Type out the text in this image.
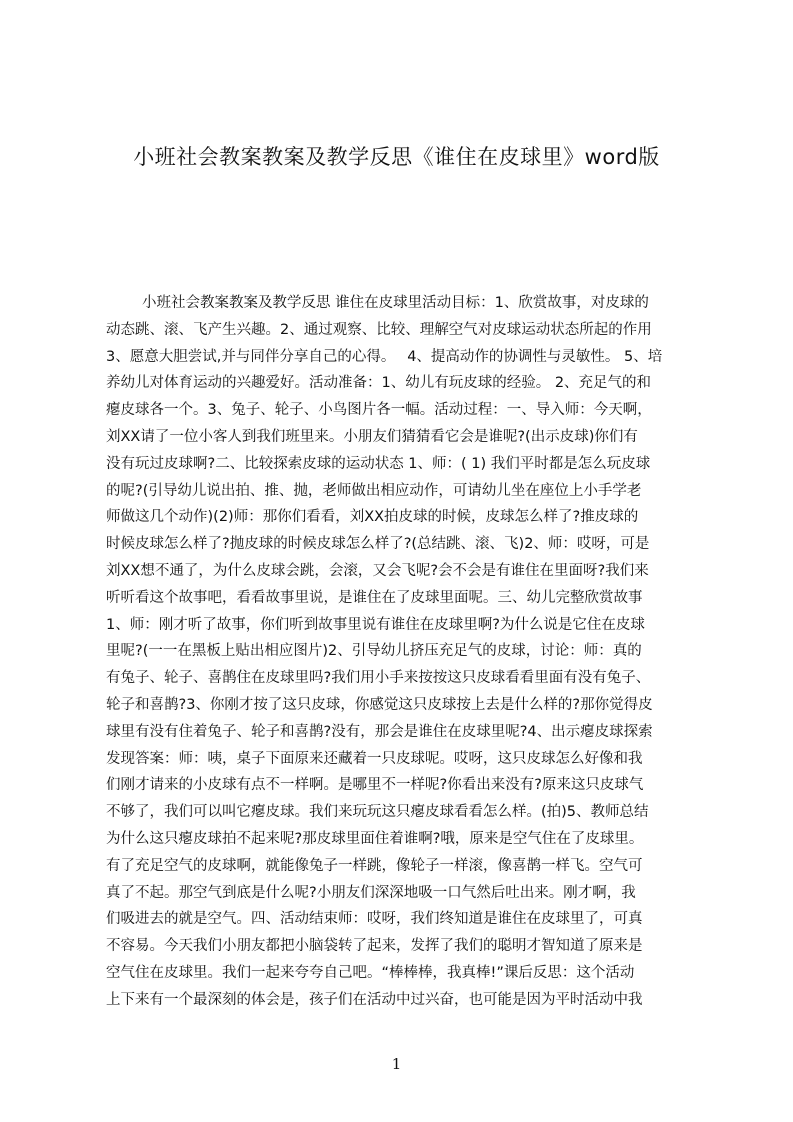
小班社会教案教案及教学反思《谁住在皮球里》word版
小班社会教案教案及教学反思 谁住在皮球里活动目标：1、欣赏故事，对皮球的
动态跳、滚、飞产生兴趣。2、通过观察、比较、理解空气对皮球运动状态所起的作用
3、愿意大胆尝试,并与同伴分享自己的心得。　 4、提高动作的协调性与灵敏性。 5、培
养幼儿对体育运动的兴趣爱好。活动准备：1、幼儿有玩皮球的经验。 2、充足气的和
瘪皮球各一个。3、兔子、轮子、小鸟图片各一幅。活动过程：一、导入师：今天啊，
刘XX请了一位小客人到我们班里来。小朋友们猜猜看它会是谁呢?(出示皮球)你们有
没有玩过皮球啊?二、比较探索皮球的运动状态 1、师：( 1) 我们平时都是怎么玩皮球
的呢?(引导幼儿说出拍、推、抛，老师做出相应动作，可请幼儿坐在座位上小手学老
师做这几个动作)(2)师：那你们看看，刘XX拍皮球的时候，皮球怎么样了?推皮球的
时候皮球怎么样了?抛皮球的时候皮球怎么样了?(总结跳、滚、飞)2、师：哎呀，可是
刘XX想不通了，为什么皮球会跳，会滚，又会飞呢?会不会是有谁住在里面呀?我们来
听听看这个故事吧，看看故事里说，是谁住在了皮球里面呢。三、幼儿完整欣赏故事
1、师：刚才听了故事，你们听到故事里说有谁住在皮球里啊?为什么说是它住在皮球
里呢?(一一在黑板上贴出相应图片)2、引导幼儿挤压充足气的皮球，讨论：师：真的
有兔子、轮子、喜鹊住在皮球里吗?我们用小手来按按这只皮球看看里面有没有兔子、
轮子和喜鹊?3、你刚才按了这只皮球，你感觉这只皮球按上去是什么样的?那你觉得皮
球里有没有住着兔子、轮子和喜鹊?没有，那会是谁住在皮球里呢?4、出示瘪皮球探索
发现答案：师：咦，桌子下面原来还藏着一只皮球呢。哎呀，这只皮球怎么好像和我
们刚才请来的小皮球有点不一样啊。是哪里不一样呢?你看出来没有?原来这只皮球气
不够了，我们可以叫它瘪皮球。我们来玩玩这只瘪皮球看看怎么样。(拍)5、教师总结
为什么这只瘪皮球拍不起来呢?那皮球里面住着谁啊?哦，原来是空气住在了皮球里。
有了充足空气的皮球啊，就能像兔子一样跳，像轮子一样滚，像喜鹊一样飞。空气可
真了不起。那空气到底是什么呢?小朋友们深深地吸一口气然后吐出来。刚才啊，我
们吸进去的就是空气。四、活动结束师：哎呀，我们终知道是谁住在皮球里了，可真
不容易。今天我们小朋友都把小脑袋转了起来，发挥了我们的聪明才智知道了原来是
空气住在皮球里。我们一起来夸夸自己吧。“棒棒棒，我真棒!”课后反思：这个活动
上下来有一个最深刻的体会是，孩子们在活动中过兴奋，也可能是因为平时活动中我
1
